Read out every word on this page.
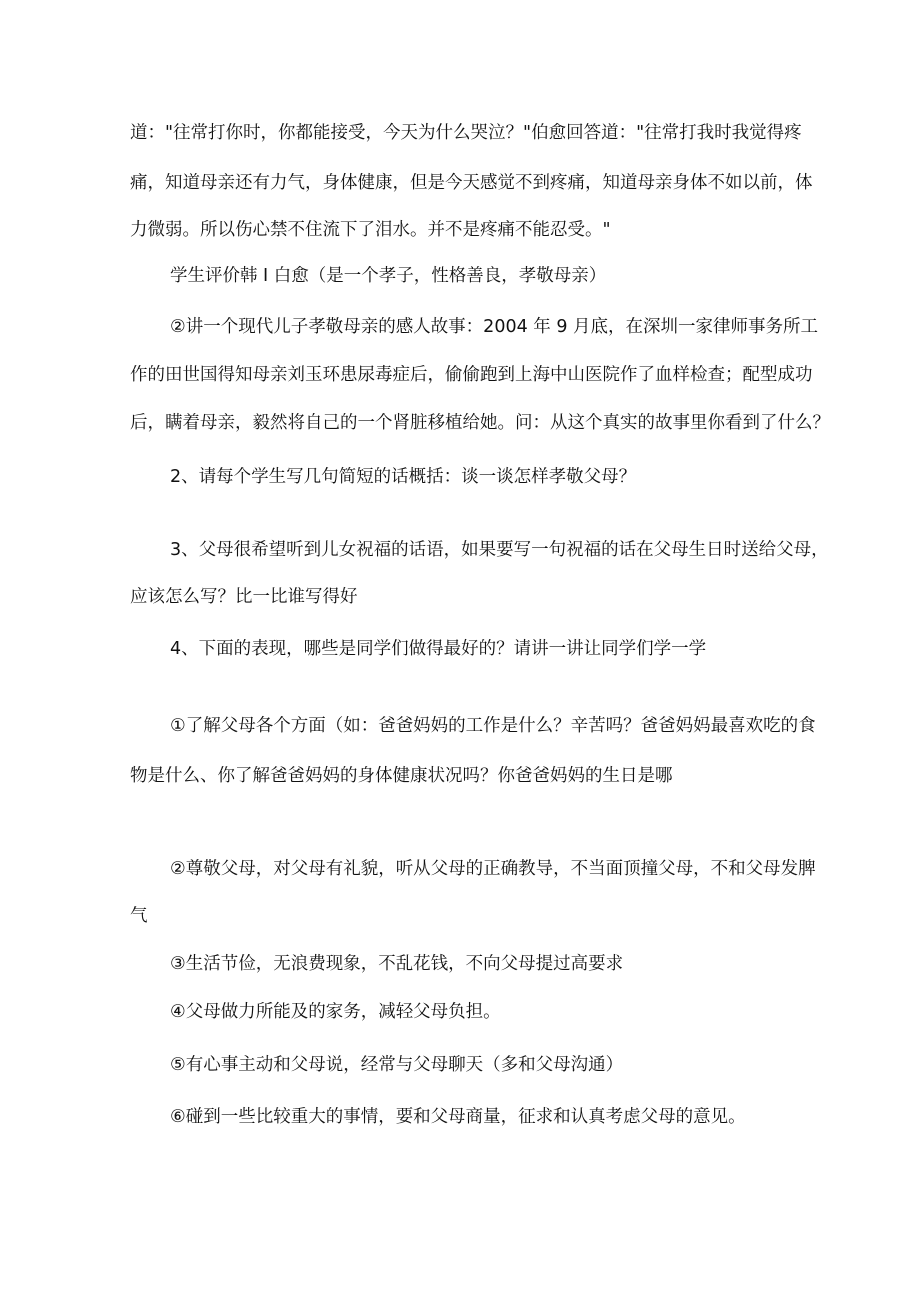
道："往常打你时，你都能接受，今天为什么哭泣？"伯愈回答道："往常打我时我觉得疼
痛，知道母亲还有力气，身体健康，但是今天感觉不到疼痛，知道母亲身体不如以前，体
力微弱。所以伤心禁不住流下了泪水。并不是疼痛不能忍受。"
学生评价韩 I 白愈（是一个孝子，性格善良，孝敬母亲）
②讲一个现代儿子孝敬母亲的感人故事：2004 年 9 月底，在深圳一家律师事务所工
作的田世国得知母亲刘玉环患尿毒症后，偷偷跑到上海中山医院作了血样检查；配型成功
后，瞒着母亲，毅然将自己的一个肾脏移植给她。问：从这个真实的故事里你看到了什么？
2、请每个学生写几句简短的话概括：谈一谈怎样孝敬父母？
3、父母很希望听到儿女祝福的话语，如果要写一句祝福的话在父母生日时送给父母，
应该怎么写？比一比谁写得好
4、下面的表现，哪些是同学们做得最好的？请讲一讲让同学们学一学
①了解父母各个方面（如：爸爸妈妈的工作是什么？辛苦吗？爸爸妈妈最喜欢吃的食
物是什么、你了解爸爸妈妈的身体健康状况吗？你爸爸妈妈的生日是哪
②尊敬父母，对父母有礼貌，听从父母的正确教导，不当面顶撞父母，不和父母发脾
气
③生活节俭，无浪费现象，不乱花钱，不向父母提过高要求
④父母做力所能及的家务，减轻父母负担。
⑤有心事主动和父母说，经常与父母聊天（多和父母沟通）
⑥碰到一些比较重大的事情，要和父母商量，征求和认真考虑父母的意见。
